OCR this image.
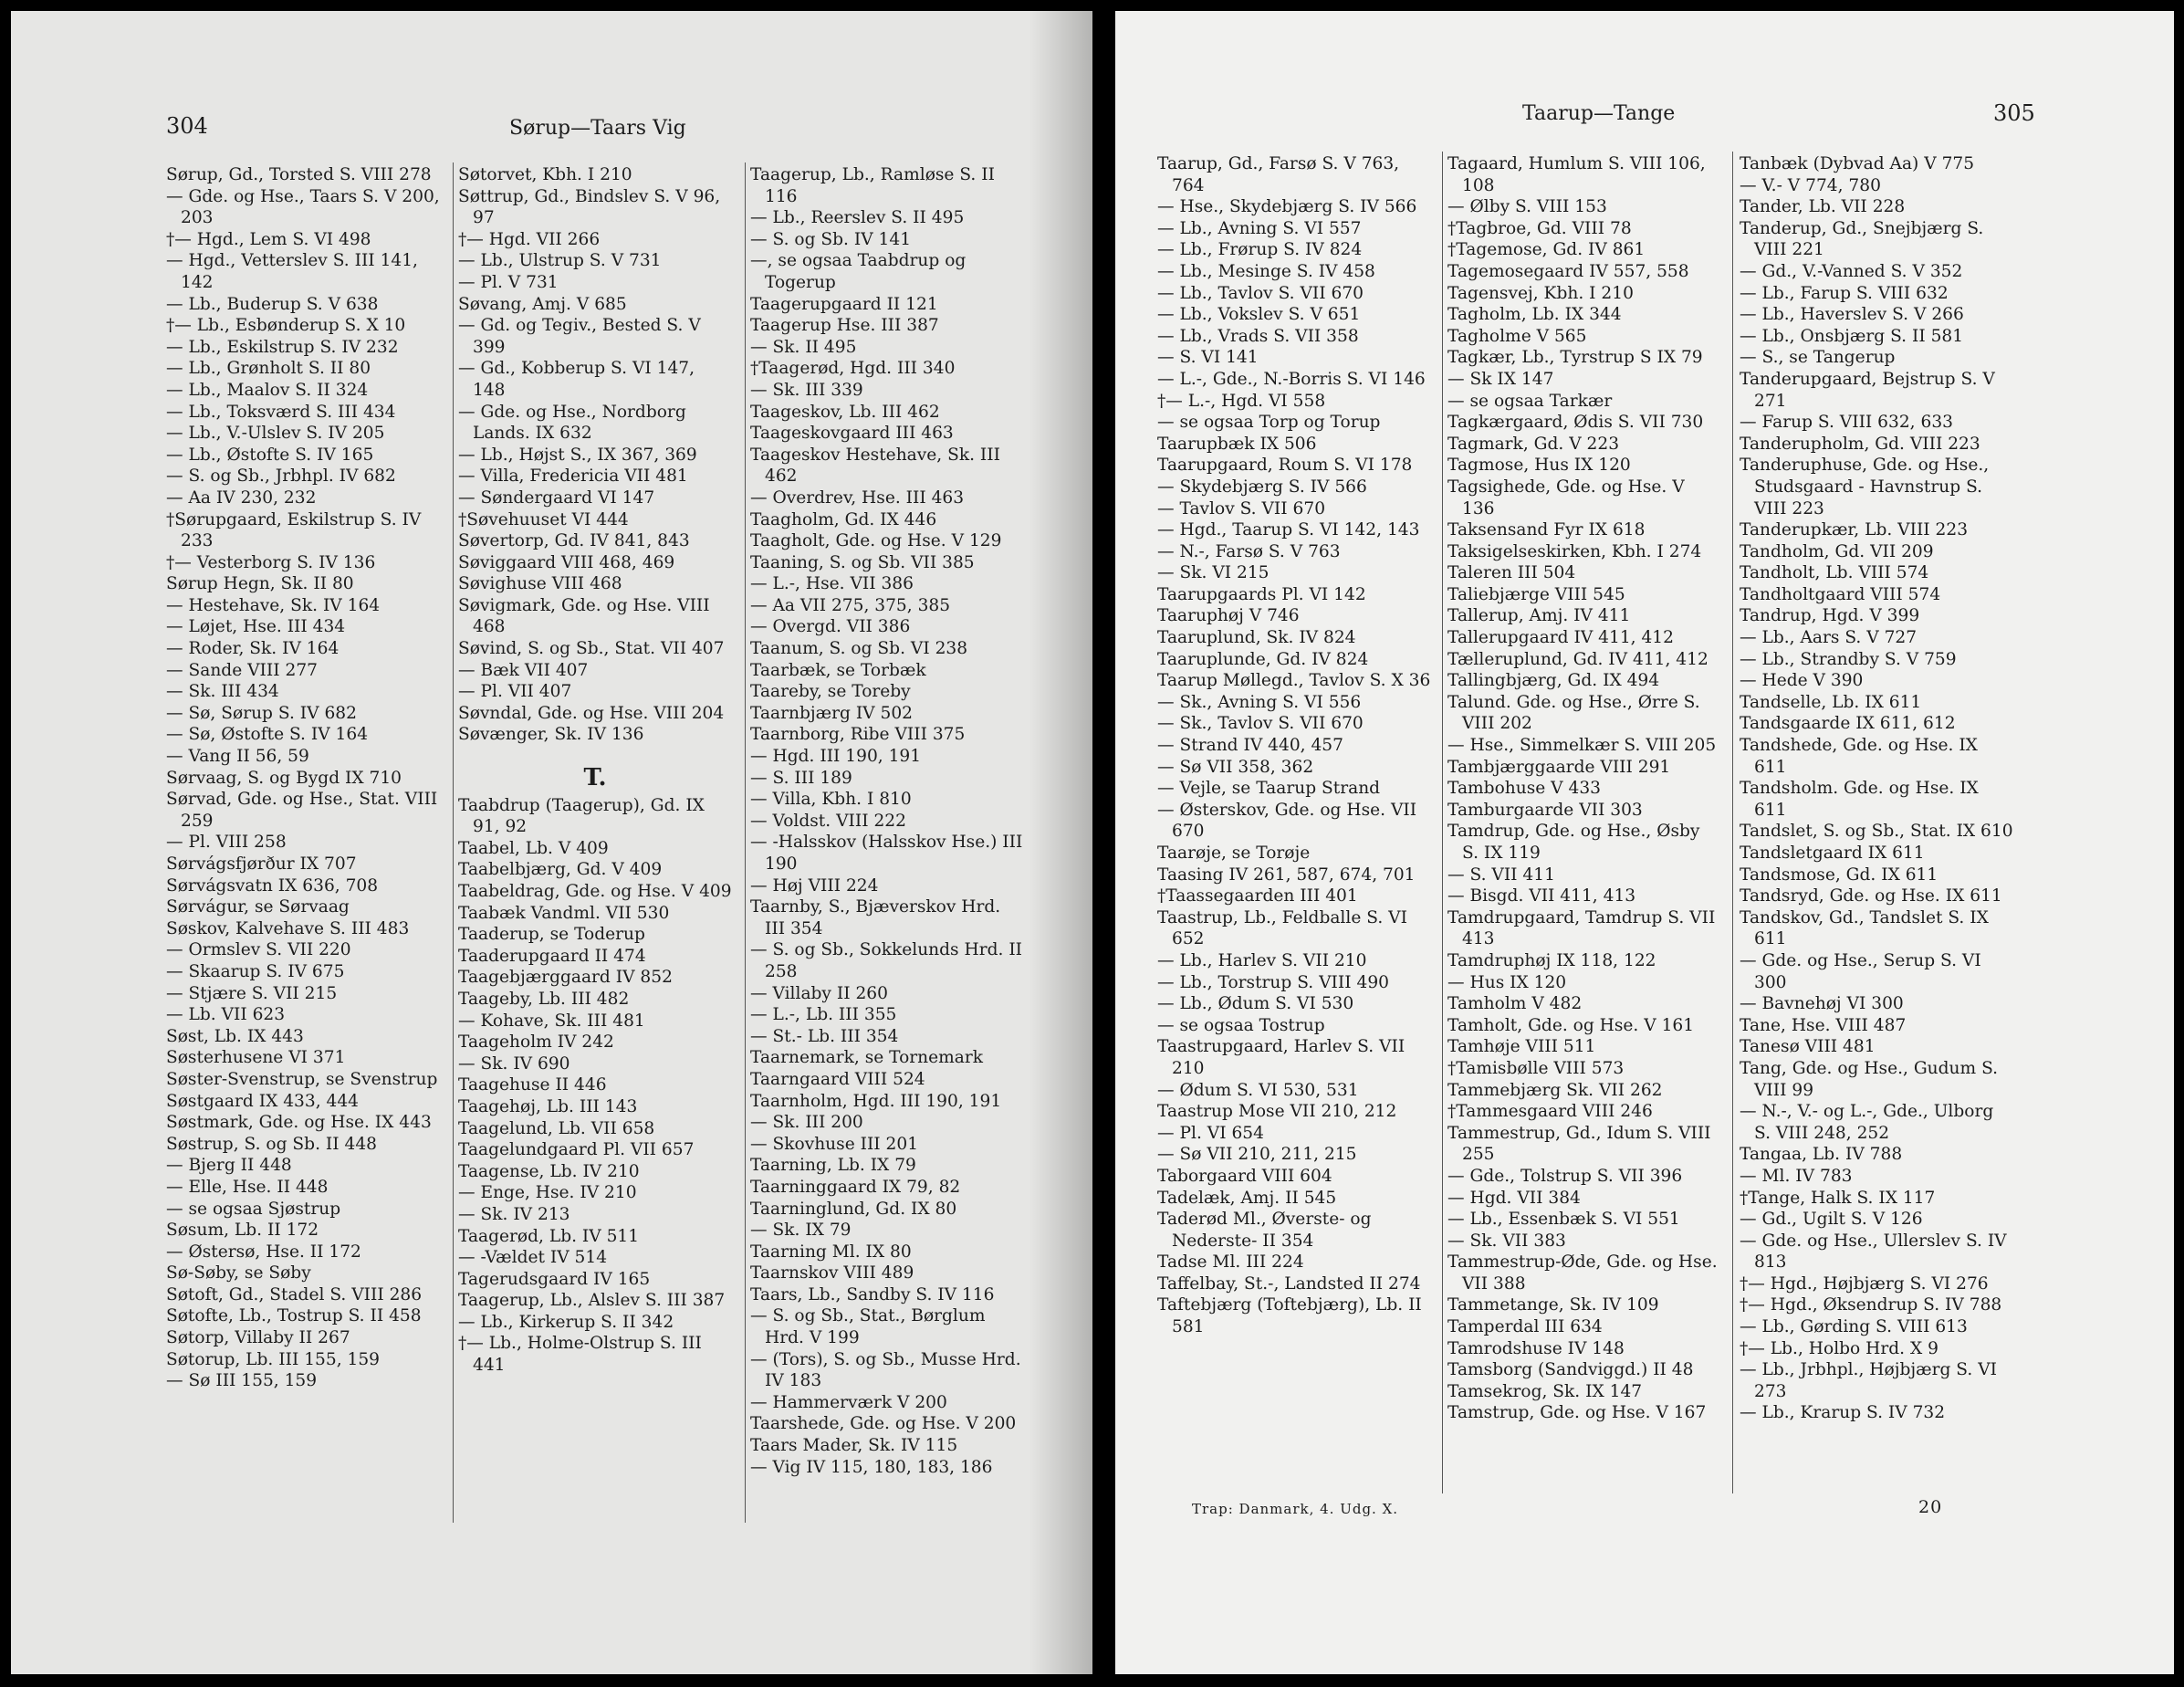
304	Sørup—Taars Vig
Sørup, Gd., Torsted S. VIII 278
— Gde. og Hse., Taars S. V 200, 203
†— Hgd., Lem S. VI 498
— Hgd., Vetterslev S. III 141, 142
— Lb., Buderup S. V 638
†— Lb., Esbønderup S. X 10
— Lb., Eskilstrup S. IV 232
— Lb., Grønholt S. II 80
— Lb., Maalov S. II 324
— Lb., Toksværd S. III 434
— Lb., V.-Ulslev S. IV 205
— Lb., Østofte S. IV 165
— S. og Sb., Jrbhpl. IV 682
— Aa IV 230, 232
†Sørupgaard, Eskilstrup S. IV 233
†— Vesterborg S. IV 136
Sørup Hegn, Sk. II 80
— Hestehave, Sk. IV 164
— Løjet, Hse. III 434
— Roder, Sk. IV 164
— Sande VIII 277
— Sk. III 434
— Sø, Sørup S. IV 682
— Sø, Østofte S. IV 164
— Vang II 56, 59
Sørvaag, S. og Bygd IX 710
Sørvad, Gde. og Hse., Stat. VIII 259
— Pl. VIII 258
Sørvágsfjørður IX 707
Sørvágsvatn IX 636, 708
Sørvágur, se Sørvaag
Søskov, Kalvehave S. III 483
— Ormslev S. VII 220
— Skaarup S. IV 675
— Stjære S. VII 215
— Lb. VII 623
Søst, Lb. IX 443
Søsterhusene VI 371
Søster-Svenstrup, se Svenstrup
Søstgaard IX 433, 444
Søstmark, Gde. og Hse. IX 443
Søstrup, S. og Sb. II 448
— Bjerg II 448
— Elle, Hse. II 448
— se ogsaa Sjøstrup
Søsum, Lb. II 172
— Østersø, Hse. II 172
Sø-Søby, se Søby
Søtoft, Gd., Stadel S. VIII 286
Søtofte, Lb., Tostrup S. II 458
Søtorp, Villaby II 267
Søtorup, Lb. III 155, 159
— Sø III 155, 159
Søtorvet, Kbh. I 210
Søttrup, Gd., Bindslev S. V 96, 97
†— Hgd. VII 266
— Lb., Ulstrup S. V 731
— Pl. V 731
Søvang, Amj. V 685
— Gd. og Tegiv., Bested S. V 399
— Gd., Kobberup S. VI 147, 148
— Gde. og Hse., Nordborg Lands. IX 632
— Lb., Højst S., IX 367, 369
— Villa, Fredericia VII 481
— Søndergaard VI 147
†Søvehuuset VI 444
Søvertorp, Gd. IV 841, 843
Søviggaard VIII 468, 469
Søvighuse VIII 468
Søvigmark, Gde. og Hse. VIII 468
Søvind, S. og Sb., Stat. VII 407
— Bæk VII 407
— Pl. VII 407
Søvndal, Gde. og Hse. VIII 204
Søvænger, Sk. IV 136
T.
Taabdrup (Taagerup), Gd. IX 91, 92
Taabel, Lb. V 409
Taabelbjærg, Gd. V 409
Taabeldrag, Gde. og Hse. V 409
Taabæk Vandml. VII 530
Taaderup, se Toderup
Taaderupgaard II 474
Taagebjærggaard IV 852
Taageby, Lb. III 482
— Kohave, Sk. III 481
Taageholm IV 242
— Sk. IV 690
Taagehuse II 446
Taagehøj, Lb. III 143
Taagelund, Lb. VII 658
Taagelundgaard Pl. VII 657
Taagense, Lb. IV 210
— Enge, Hse. IV 210
— Sk. IV 213
Taagerød, Lb. IV 511
— -Vældet IV 514
Tagerudsgaard IV 165
Taagerup, Lb., Alslev S. III 387
— Lb., Kirkerup S. II 342
†— Lb., Holme-Olstrup S. III 441
Taagerup, Lb., Ramløse S. II 116
— Lb., Reerslev S. II 495
— S. og Sb. IV 141
—, se ogsaa Taabdrup og Togerup
Taagerupgaard II 121
Taagerup Hse. III 387
— Sk. II 495
†Taagerød, Hgd. III 340
— Sk. III 339
Taageskov, Lb. III 462
Taageskovgaard III 463
Taageskov Hestehave, Sk. III 462
— Overdrev, Hse. III 463
Taagholm, Gd. IX 446
Taagholt, Gde. og Hse. V 129
Taaning, S. og Sb. VII 385
— L.-, Hse. VII 386
— Aa VII 275, 375, 385
— Overgd. VII 386
Taanum, S. og Sb. VI 238
Taarbæk, se Torbæk
Taareby, se Toreby
Taarnbjærg IV 502
Taarnborg, Ribe VIII 375
— Hgd. III 190, 191
— S. III 189
— Villa, Kbh. I 810
— Voldst. VIII 222
— -Halsskov (Halsskov Hse.) III 190
— Høj VIII 224
Taarnby, S., Bjæverskov Hrd. III 354
— S. og Sb., Sokkelunds Hrd. II 258
— Villaby II 260
— L.-, Lb. III 355
— St.- Lb. III 354
Taarnemark, se Tornemark
Taarngaard VIII 524
Taarnholm, Hgd. III 190, 191
— Sk. III 200
— Skovhuse III 201
Taarning, Lb. IX 79
Taarninggaard IX 79, 82
Taarninglund, Gd. IX 80
— Sk. IX 79
Taarning Ml. IX 80
Taarnskov VIII 489
Taars, Lb., Sandby S. IV 116
— S. og Sb., Stat., Børglum Hrd. V 199
— (Tors), S. og Sb., Musse Hrd. IV 183
— Hammerværk V 200
Taarshede, Gde. og Hse. V 200
Taars Mader, Sk. IV 115
— Vig IV 115, 180, 183, 186
Taarup—Tange	305
Taarup, Gd., Farsø S. V 763, 764
— Hse., Skydebjærg S. IV 566
— Lb., Avning S. VI 557
— Lb., Frørup S. IV 824
— Lb., Mesinge S. IV 458
— Lb., Tavlov S. VII 670
— Lb., Vokslev S. V 651
— Lb., Vrads S. VII 358
— S. VI 141
— L.-, Gde., N.-Borris S. VI 146
†— L.-, Hgd. VI 558
— se ogsaa Torp og Torup
Taarupbæk IX 506
Taarupgaard, Roum S. VI 178
— Skydebjærg S. IV 566
— Tavlov S. VII 670
— Hgd., Taarup S. VI 142, 143
— N.-, Farsø S. V 763
— Sk. VI 215
Taarupgaards Pl. VI 142
Taaruphøj V 746
Taaruplund, Sk. IV 824
Taaruplunde, Gd. IV 824
Taarup Møllegd., Tavlov S. X 36
— Sk., Avning S. VI 556
— Sk., Tavlov S. VII 670
— Strand IV 440, 457
— Sø VII 358, 362
— Vejle, se Taarup Strand
— Østerskov, Gde. og Hse. VII 670
Taarøje, se Torøje
Taasing IV 261, 587, 674, 701
†Taassegaarden III 401
Taastrup, Lb., Feldballe S. VI 652
— Lb., Harlev S. VII 210
— Lb., Torstrup S. VIII 490
— Lb., Ødum S. VI 530
— se ogsaa Tostrup
Taastrupgaard, Harlev S. VII 210
— Ødum S. VI 530, 531
Taastrup Mose VII 210, 212
— Pl. VI 654
— Sø VII 210, 211, 215
Taborgaard VIII 604
Tadelæk, Amj. II 545
Taderød Ml., Øverste- og Nederste- II 354
Tadse Ml. III 224
Taffelbay, St.-, Landsted II 274
Taftebjærg (Toftebjærg), Lb. II 581
Tagaard, Humlum S. VIII 106, 108
— Ølby S. VIII 153
†Tagbroe, Gd. VIII 78
†Tagemose, Gd. IV 861
Tagemosegaard IV 557, 558
Tagensvej, Kbh. I 210
Tagholm, Lb. IX 344
Tagholme V 565
Tagkær, Lb., Tyrstrup S IX 79
— Sk IX 147
— se ogsaa Tarkær
Tagkærgaard, Ødis S. VII 730
Tagmark, Gd. V 223
Tagmose, Hus IX 120
Tagsighede, Gde. og Hse. V 136
Taksensand Fyr IX 618
Taksigelseskirken, Kbh. I 274
Taleren III 504
Taliebjærge VIII 545
Tallerup, Amj. IV 411
Tallerupgaard IV 411, 412
Tælleruplund, Gd. IV 411, 412
Tallingbjærg, Gd. IX 494
Talund. Gde. og Hse., Ørre S. VIII 202
— Hse., Simmelkær S. VIII 205
Tambjærggaarde VIII 291
Tambohuse V 433
Tamburgaarde VII 303
Tamdrup, Gde. og Hse., Øsby S. IX 119
— S. VII 411
— Bisgd. VII 411, 413
Tamdrupgaard, Tamdrup S. VII 413
Tamdruphøj IX 118, 122
— Hus IX 120
Tamholm V 482
Tamholt, Gde. og Hse. V 161
Tamhøje VIII 511
†Tamisbølle VIII 573
Tammebjærg Sk. VII 262
†Tammesgaard VIII 246
Tammestrup, Gd., Idum S. VIII 255
— Gde., Tolstrup S. VII 396
— Hgd. VII 384
— Lb., Essenbæk S. VI 551
— Sk. VII 383
Tammestrup-Øde, Gde. og Hse. VII 388
Tammetange, Sk. IV 109
Tamperdal III 634
Tamrodshuse IV 148
Tamsborg (Sandviggd.) II 48
Tamsekrog, Sk. IX 147
Tamstrup, Gde. og Hse. V 167
Tanbæk (Dybvad Aa) V 775
— V.- V 774, 780
Tander, Lb. VII 228
Tanderup, Gd., Snejbjærg S. VIII 221
— Gd., V.-Vanned S. V 352
— Lb., Farup S. VIII 632
— Lb., Haverslev S. V 266
— Lb., Onsbjærg S. II 581
— S., se Tangerup
Tanderupgaard, Bejstrup S. V 271
— Farup S. VIII 632, 633
Tanderupholm, Gd. VIII 223
Tanderuphuse, Gde. og Hse., Studsgaard - Havnstrup S. VIII 223
Tanderupkær, Lb. VIII 223
Tandholm, Gd. VII 209
Tandholt, Lb. VIII 574
Tandholtgaard VIII 574
Tandrup, Hgd. V 399
— Lb., Aars S. V 727
— Lb., Strandby S. V 759
— Hede V 390
Tandselle, Lb. IX 611
Tandsgaarde IX 611, 612
Tandshede, Gde. og Hse. IX 611
Tandsholm. Gde. og Hse. IX 611
Tandslet, S. og Sb., Stat. IX 610
Tandsletgaard IX 611
Tandsmose, Gd. IX 611
Tandsryd, Gde. og Hse. IX 611
Tandskov, Gd., Tandslet S. IX 611
— Gde. og Hse., Serup S. VI 300
— Bavnehøj VI 300
Tane, Hse. VIII 487
Tanesø VIII 481
Tang, Gde. og Hse., Gudum S. VIII 99
— N.-, V.- og L.-, Gde., Ulborg S. VIII 248, 252
Tangaa, Lb. IV 788
— Ml. IV 783
†Tange, Halk S. IX 117
— Gd., Ugilt S. V 126
— Gde. og Hse., Ullerslev S. IV 813
†— Hgd., Højbjærg S. VI 276
†— Hgd., Øksendrup S. IV 788
— Lb., Gørding S. VIII 613
†— Lb., Holbo Hrd. X 9
— Lb., Jrbhpl., Højbjærg S. VI 273
— Lb., Krarup S. IV 732
Trap: Danmark, 4. Udg. X.	20
